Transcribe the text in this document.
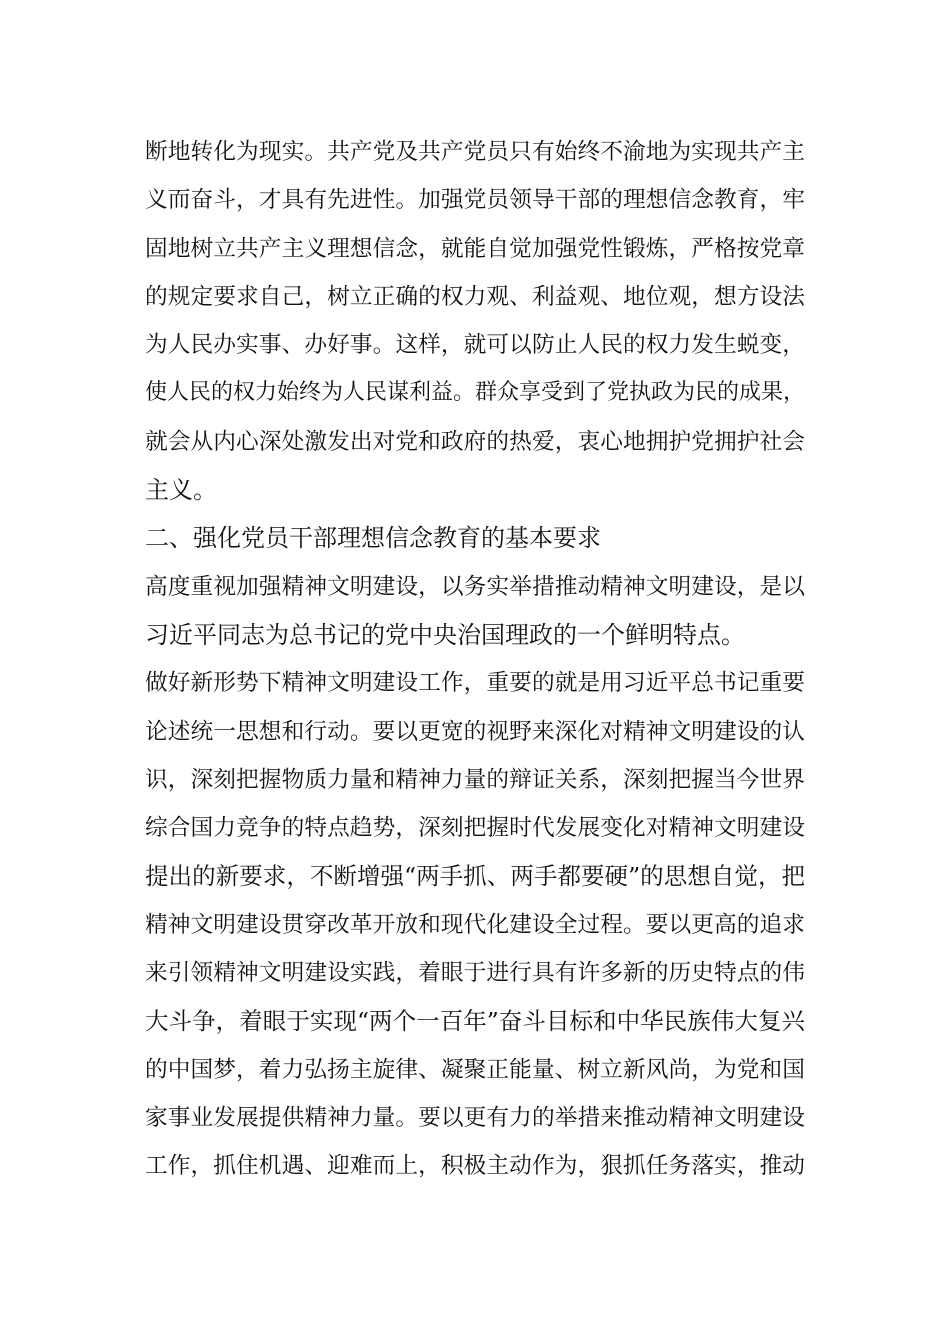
断地转化为现实。共产党及共产党员只有始终不渝地为实现共产主
义而奋斗，才具有先进性。加强党员领导干部的理想信念教育，牢
固地树立共产主义理想信念，就能自觉加强党性锻炼，严格按党章
的规定要求自己，树立正确的权力观、利益观、地位观，想方设法
为人民办实事、办好事。这样，就可以防止人民的权力发生蜕变，
使人民的权力始终为人民谋利益。群众享受到了党执政为民的成果，
就会从内心深处激发出对党和政府的热爱，衷心地拥护党拥护社会
主义。
二、强化党员干部理想信念教育的基本要求
高度重视加强精神文明建设，以务实举措推动精神文明建设，是以
习近平同志为总书记的党中央治国理政的一个鲜明特点。
做好新形势下精神文明建设工作，重要的就是用习近平总书记重要
论述统一思想和行动。要以更宽的视野来深化对精神文明建设的认
识，深刻把握物质力量和精神力量的辩证关系，深刻把握当今世界
综合国力竞争的特点趋势，深刻把握时代发展变化对精神文明建设
提出的新要求，不断增强“两手抓、两手都要硬”的思想自觉，把
精神文明建设贯穿改革开放和现代化建设全过程。要以更高的追求
来引领精神文明建设实践，着眼于进行具有许多新的历史特点的伟
大斗争，着眼于实现“两个一百年”奋斗目标和中华民族伟大复兴
的中国梦，着力弘扬主旋律、凝聚正能量、树立新风尚，为党和国
家事业发展提供精神力量。要以更有力的举措来推动精神文明建设
工作，抓住机遇、迎难而上，积极主动作为，狠抓任务落实，推动
